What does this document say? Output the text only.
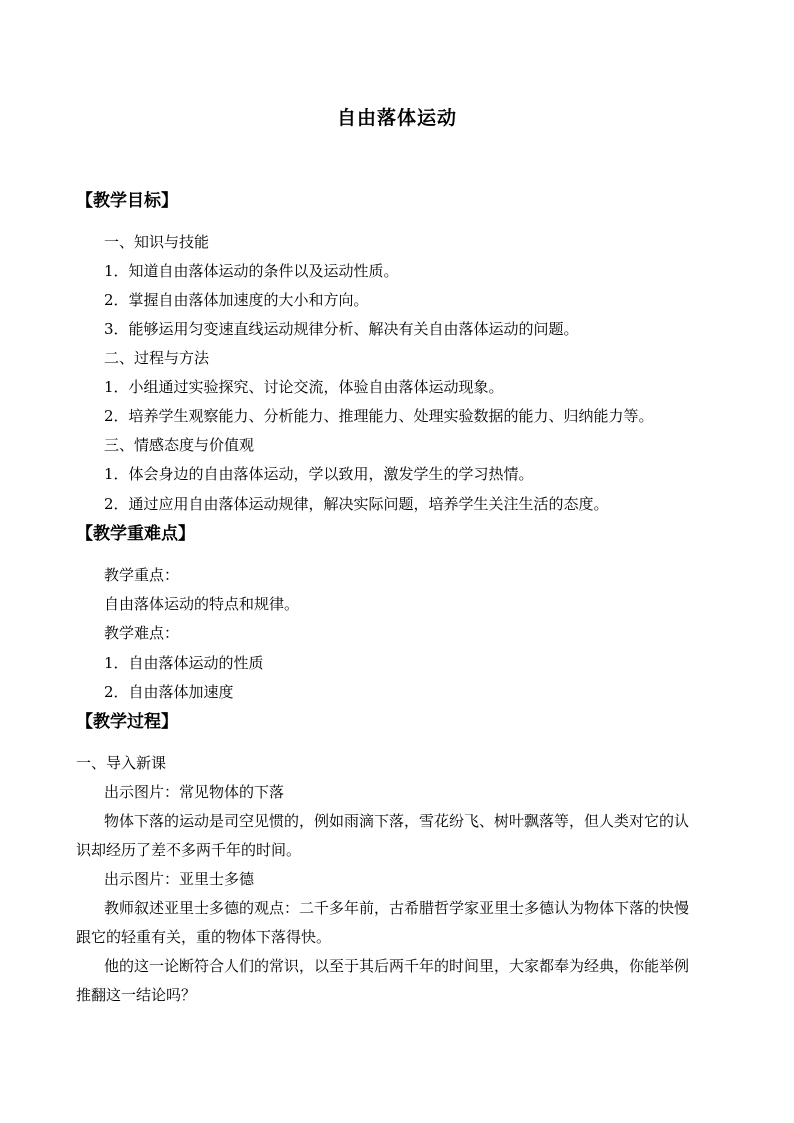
自由落体运动
【教学目标】
一、知识与技能
1．知道自由落体运动的条件以及运动性质。
2．掌握自由落体加速度的大小和方向。
3．能够运用匀变速直线运动规律分析、解决有关自由落体运动的问题。
二、过程与方法
1．小组通过实验探究、讨论交流，体验自由落体运动现象。
2．培养学生观察能力、分析能力、推理能力、处理实验数据的能力、归纳能力等。
三、情感态度与价值观
1．体会身边的自由落体运动，学以致用，激发学生的学习热情。
2．通过应用自由落体运动规律，解决实际问题，培养学生关注生活的态度。
【教学重难点】
教学重点：
自由落体运动的特点和规律。
教学难点：
1．自由落体运动的性质
2．自由落体加速度
【教学过程】
一、导入新课
出示图片：常见物体的下落
物体下落的运动是司空见惯的，例如雨滴下落，雪花纷飞、树叶飘落等，但人类对它的认
识却经历了差不多两千年的时间。
出示图片：亚里士多德
教师叙述亚里士多德的观点：二千多年前，古希腊哲学家亚里士多德认为物体下落的快慢
跟它的轻重有关，重的物体下落得快。
他的这一论断符合人们的常识，以至于其后两千年的时间里，大家都奉为经典，你能举例
推翻这一结论吗？
